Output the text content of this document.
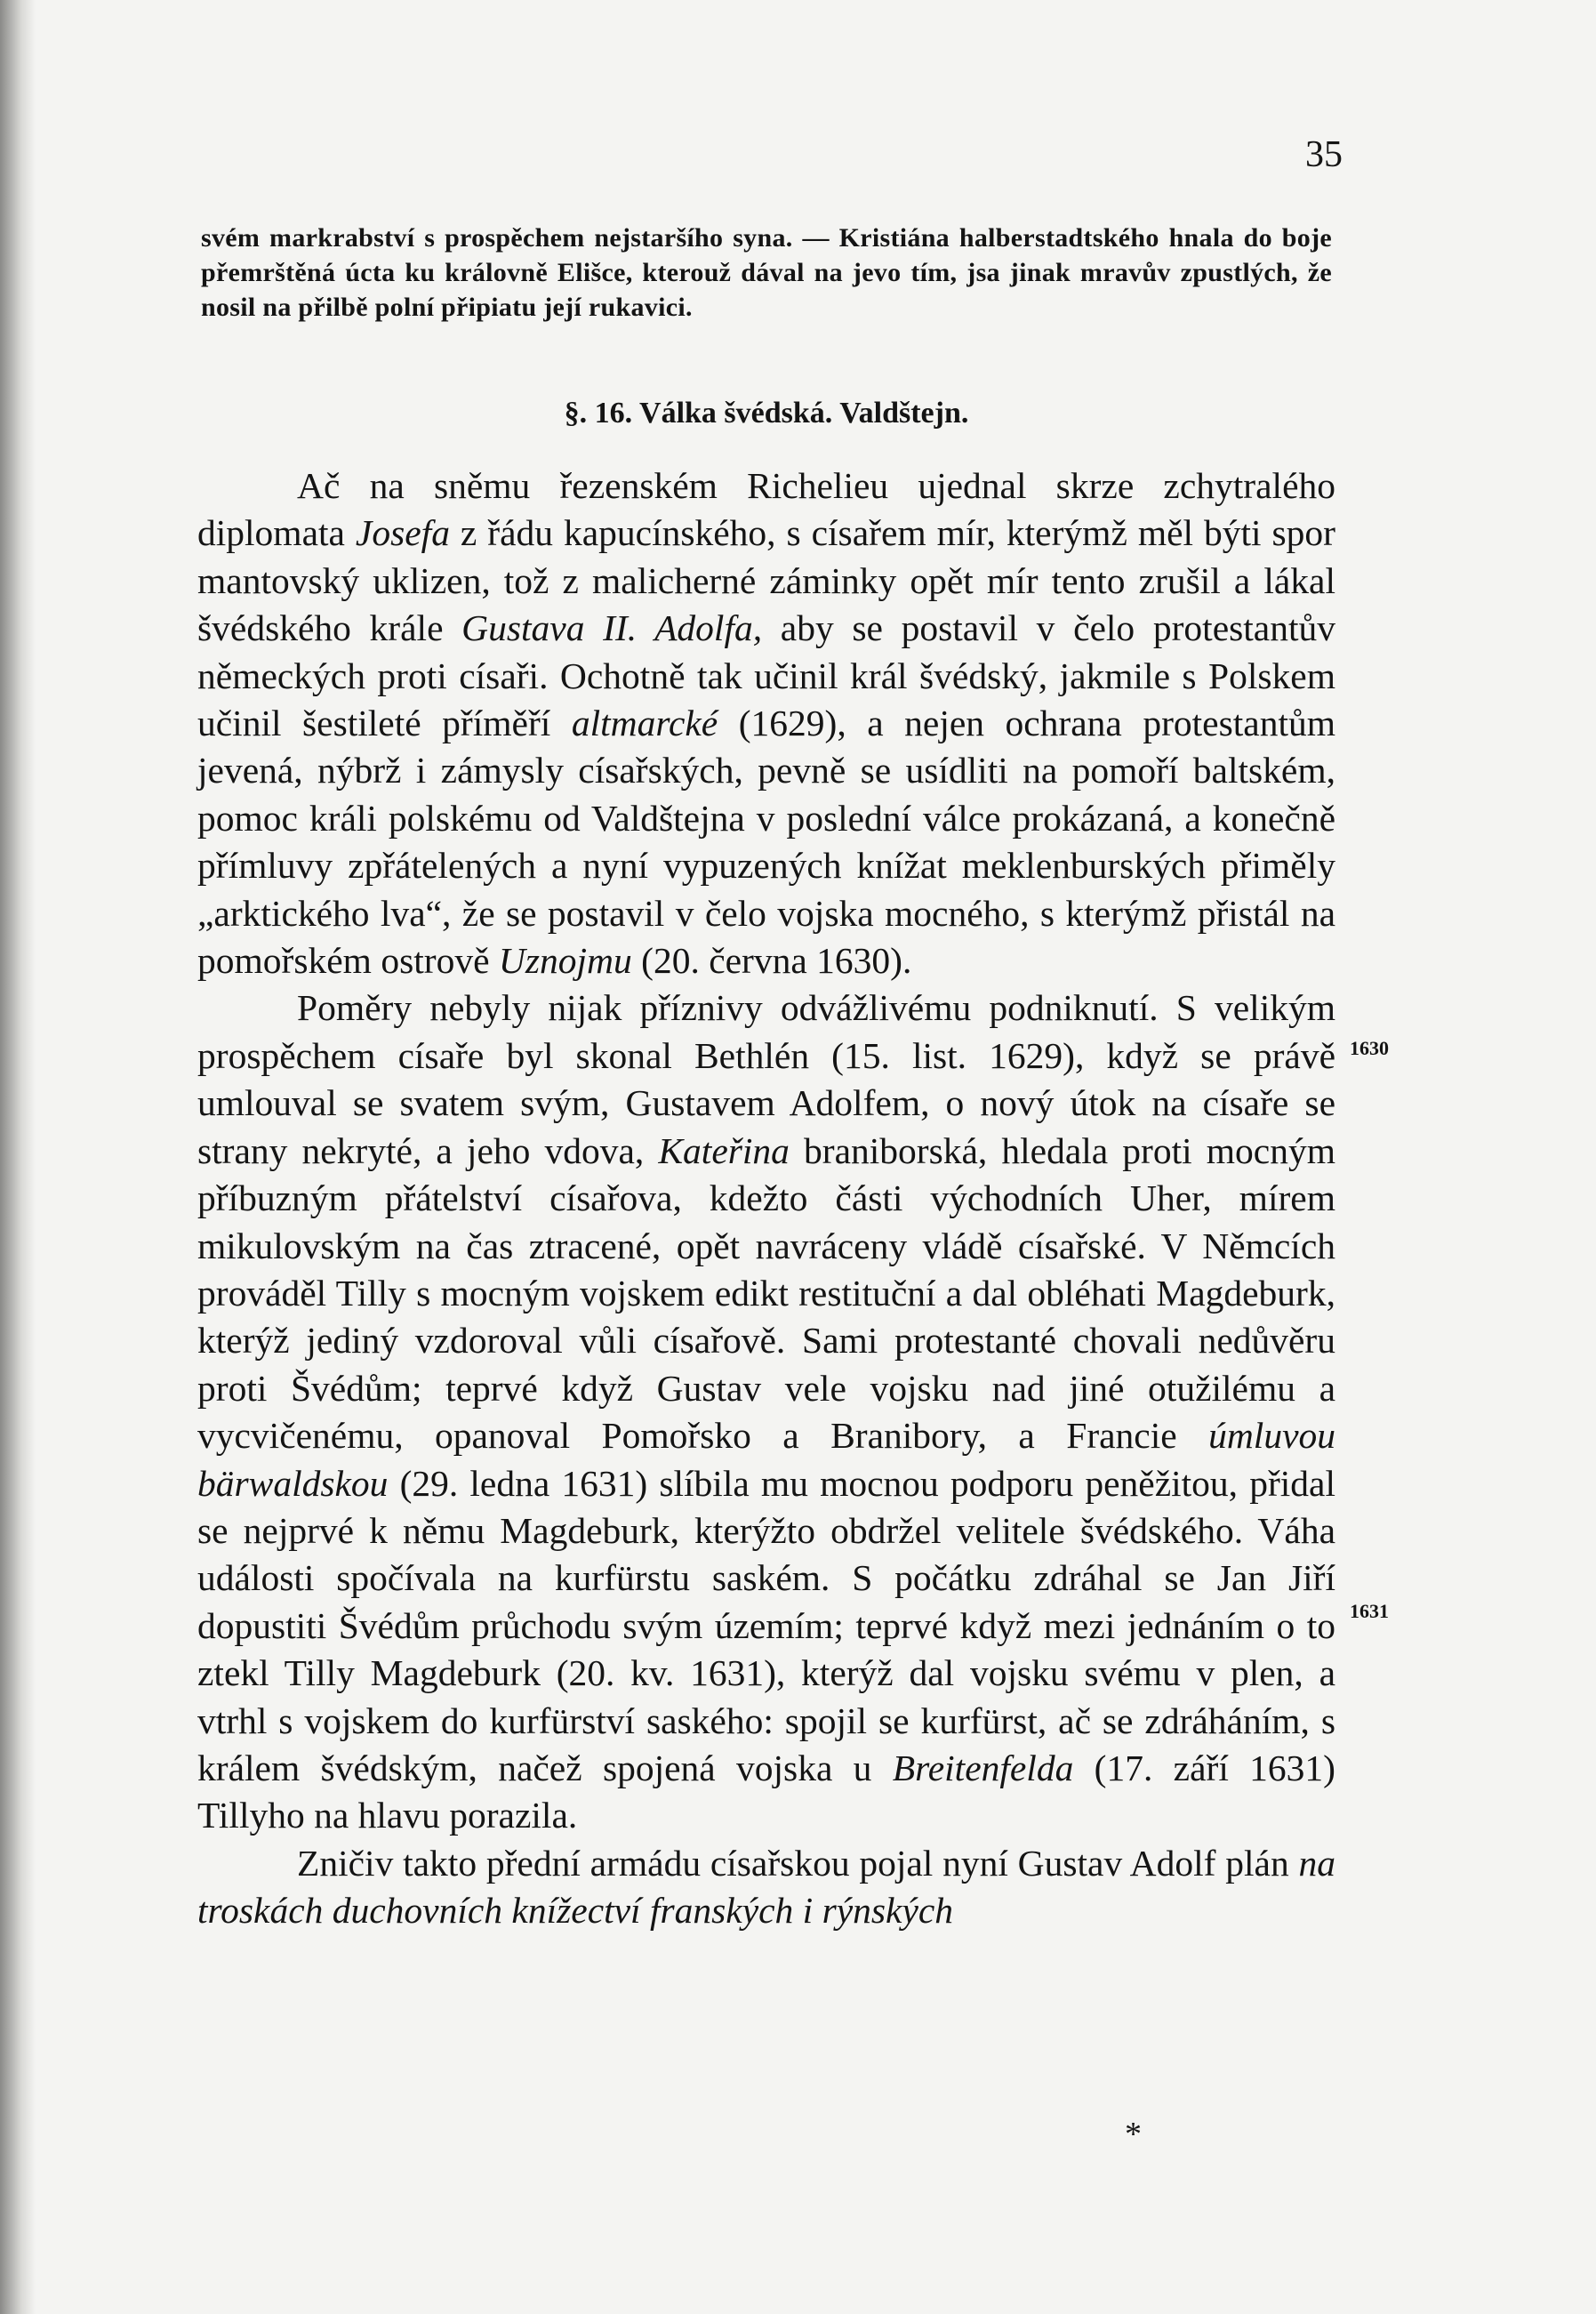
35
svém markrabství s prospěchem nejstaršího syna. — Kristiána halberstadtského hnala do boje přemrštěná úcta ku královně Elišce, kterouž dával na jevo tím, jsa jinak mravův zpustlých, že nosil na přilbě polní připiatu její rukavici.
§. 16. Válka švédská. Valdštejn.

Ač na sněmu řezenském Richelieu ujednal skrze zchytralého diplomata Josefa z řádu kapucínského, s císařem mír, kterýmž měl býti spor mantovský uklizen, tož z malicherné záminky opět mír tento zrušil a lákal švédského krále Gustava II. Adolfa, aby se postavil v čelo protestantův německých proti císaři. Ochotně tak učinil král švédský, jakmile s Polskem učinil šestileté příměří altmarcké (1629), a nejen ochrana protestantům jevená, nýbrž i zámysly císařských, pevně se usídliti na pomoří baltském, pomoc králi polskému od Valdštejna v poslední válce prokázaná, a konečně přímluvy zpřátelených a nyní vypuzených knížat meklenburských přiměly „arktického lva“, že se postavil v čelo vojska mocného, s kterýmž přistál na pomořském ostrově Uznojmu (20. června 1630).

Poměry nebyly nijak příznivy odvážlivému podniknutí. S velikým prospěchem císaře byl skonal Bethlén (15. list. 1629), když se právě umlouval se svatem svým, Gustavem Adolfem, o nový útok na císaře se strany nekryté, a jeho vdova, Kateřina braniborská, hledala proti mocným příbuzným přátelství císařova, kdežto části východních Uher, mírem mikulovským na čas ztracené, opět navráceny vládě císařské. V Němcích prováděl Tilly s mocným vojskem edikt restituční a dal obléhati Magdeburk, kterýž jediný vzdoroval vůli císařově. Sami protestanté chovali nedůvěru proti Švédům; teprvé když Gustav vele vojsku nad jiné otužilému a vycvičenému, opanoval Pomořsko a Branibory, a Francie úmluvou bärwaldskou (29. ledna 1631) slíbila mu mocnou podporu peněžitou, přidal se nejprvé k němu Magdeburk, kterýžto obdržel velitele švédského. Váha události spočívala na kurfürstu saském. S počátku zdráhal se Jan Jiří dopustiti Švédům průchodu svým územím; teprvé když mezi jednáním o to ztekl Tilly Magdeburk (20. kv. 1631), kterýž dal vojsku svému v plen, a vtrhl s vojskem do kurfürství saského: spojil se kurfürst, ač se zdráháním, s králem švédským, načež spojená vojska u Breitenfelda (17. září 1631) Tillyho na hlavu porazila.

Zničiv takto přední armádu císařskou pojal nyní Gustav Adolf plán na troskách duchovních knížectví franských i rýnských

1630
1631
*
